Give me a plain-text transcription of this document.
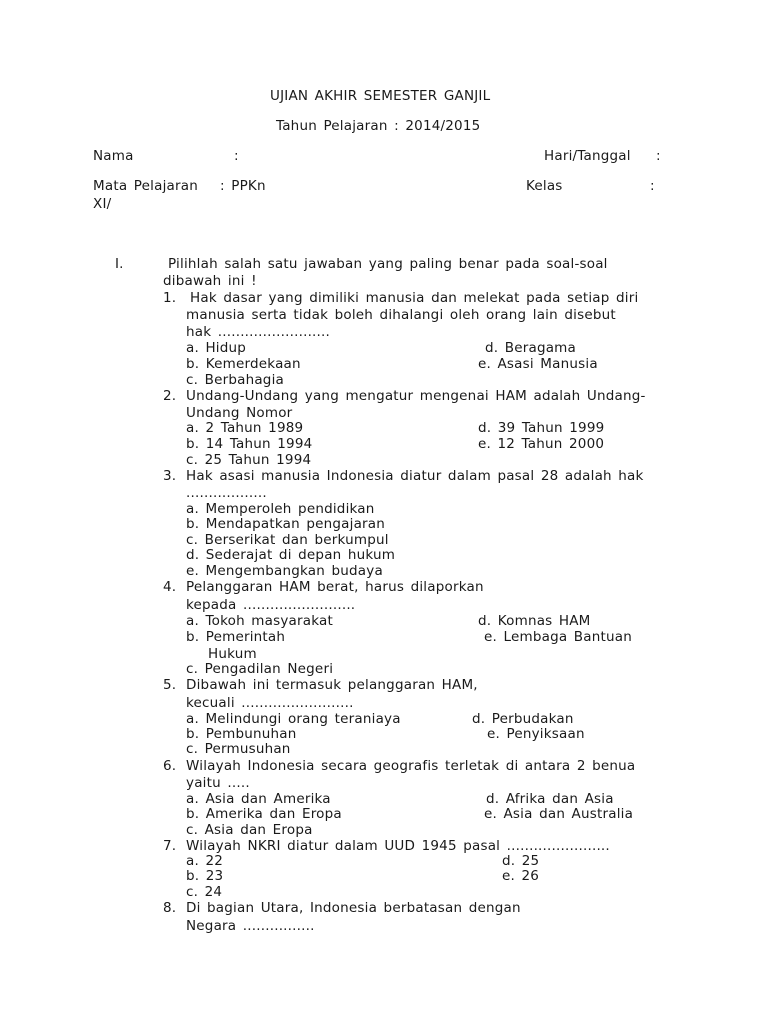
UJIAN AKHIR SEMESTER GANJIL
Tahun Pelajaran : 2014/2015
Nama	:	Hari/Tanggal :
Mata Pelajaran : PPKn	Kelas	:
XI/
I.	Pilihlah salah satu jawaban yang paling benar pada soal-soal
dibawah ini !
1. Hak dasar yang dimiliki manusia dan melekat pada setiap diri
manusia serta tidak boleh dihalangi oleh orang lain disebut
hak .........................
a. Hidup	d. Beragama
b. Kemerdekaan	e. Asasi Manusia
c. Berbahagia
2. Undang-Undang yang mengatur mengenai HAM adalah Undang-
Undang Nomor
a. 2 Tahun 1989	d. 39 Tahun 1999
b. 14 Tahun 1994	e. 12 Tahun 2000
c. 25 Tahun 1994
3. Hak asasi manusia Indonesia diatur dalam pasal 28 adalah hak
..................
a. Memperoleh pendidikan
b. Mendapatkan pengajaran
c. Berserikat dan berkumpul
d. Sederajat di depan hukum
e. Mengembangkan budaya
4. Pelanggaran HAM berat, harus dilaporkan
kepada .........................
a. Tokoh masyarakat	d. Komnas HAM
b. Pemerintah	e. Lembaga Bantuan
Hukum
c. Pengadilan Negeri
5. Dibawah ini termasuk pelanggaran HAM,
kecuali .........................
a. Melindungi orang teraniaya	d. Perbudakan
b. Pembunuhan	e. Penyiksaan
c. Permusuhan
6. Wilayah Indonesia secara geografis terletak di antara 2 benua
yaitu .....
a. Asia dan Amerika	d. Afrika dan Asia
b. Amerika dan Eropa	e. Asia dan Australia
c. Asia dan Eropa
7. Wilayah NKRI diatur dalam UUD 1945 pasal .......................
a. 22	d. 25
b. 23	e. 26
c. 24
8. Di bagian Utara, Indonesia berbatasan dengan
Negara ................
